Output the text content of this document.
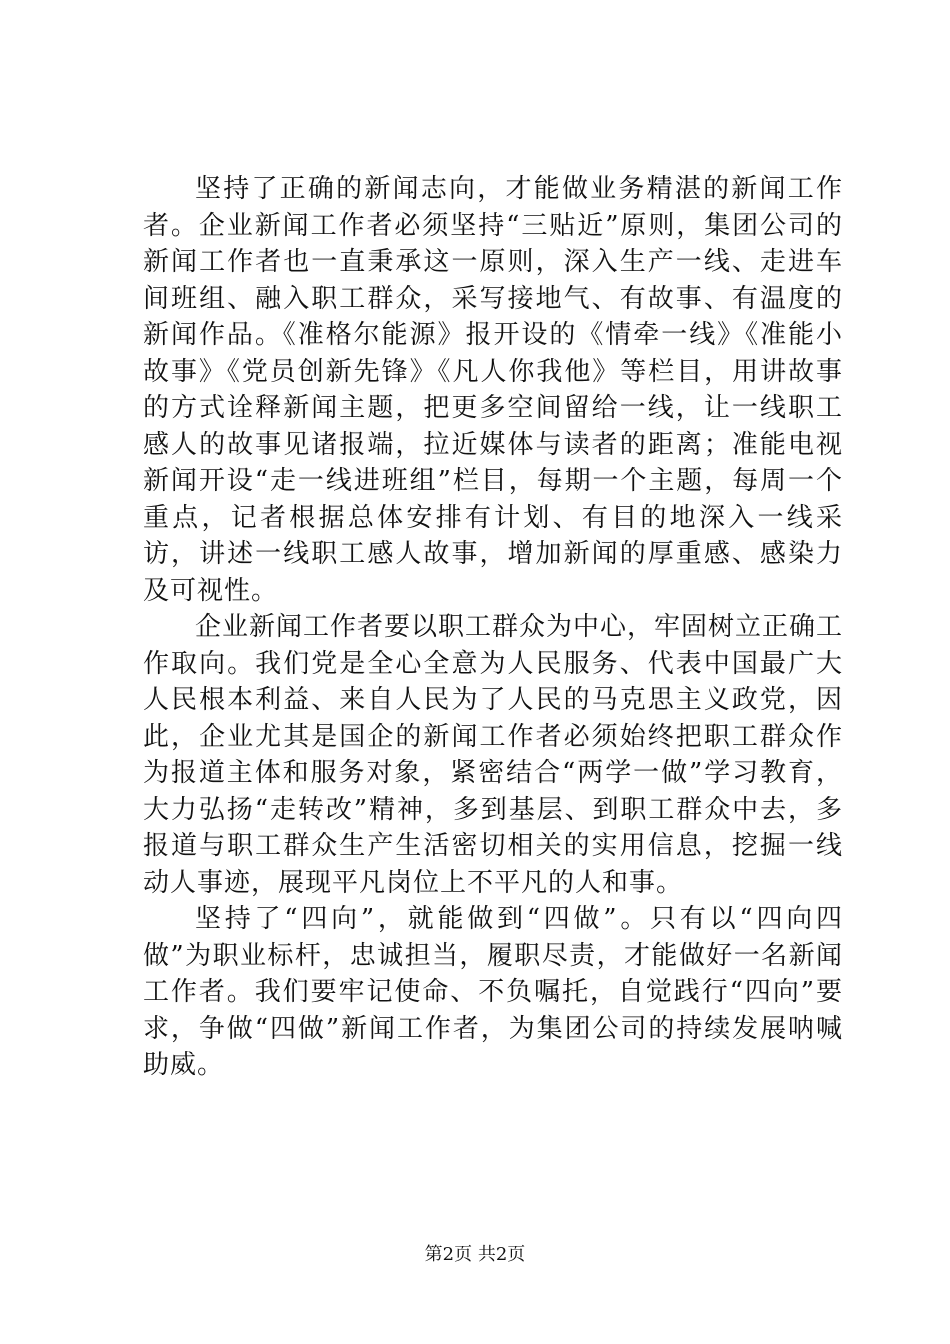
坚持了正确的新闻志向，才能做业务精湛的新闻工作者。企业新闻工作者必须坚持“三贴近”原则，集团公司的新闻工作者也一直秉承这一原则，深入生产一线、走进车间班组、融入职工群众，采写接地气、有故事、有温度的新闻作品。《准格尔能源》报开设的《情牵一线》《准能小故事》《党员创新先锋》《凡人你我他》等栏目，用讲故事的方式诠释新闻主题，把更多空间留给一线，让一线职工感人的故事见诸报端，拉近媒体与读者的距离；准能电视新闻开设“走一线进班组”栏目，每期一个主题，每周一个重点，记者根据总体安排有计划、有目的地深入一线采访，讲述一线职工感人故事，增加新闻的厚重感、感染力及可视性。

企业新闻工作者要以职工群众为中心，牢固树立正确工作取向。我们党是全心全意为人民服务、代表中国最广大人民根本利益、来自人民为了人民的马克思主义政党，因此，企业尤其是国企的新闻工作者必须始终把职工群众作为报道主体和服务对象，紧密结合“两学一做”学习教育，大力弘扬“走转改”精神，多到基层、到职工群众中去，多报道与职工群众生产生活密切相关的实用信息，挖掘一线动人事迹，展现平凡岗位上不平凡的人和事。

坚持了“四向”，就能做到“四做”。只有以“四向四做”为职业标杆，忠诚担当，履职尽责，才能做好一名新闻工作者。我们要牢记使命、不负嘱托，自觉践行“四向”要求，争做“四做”新闻工作者，为集团公司的持续发展呐喊助威。

第2页 共2页
